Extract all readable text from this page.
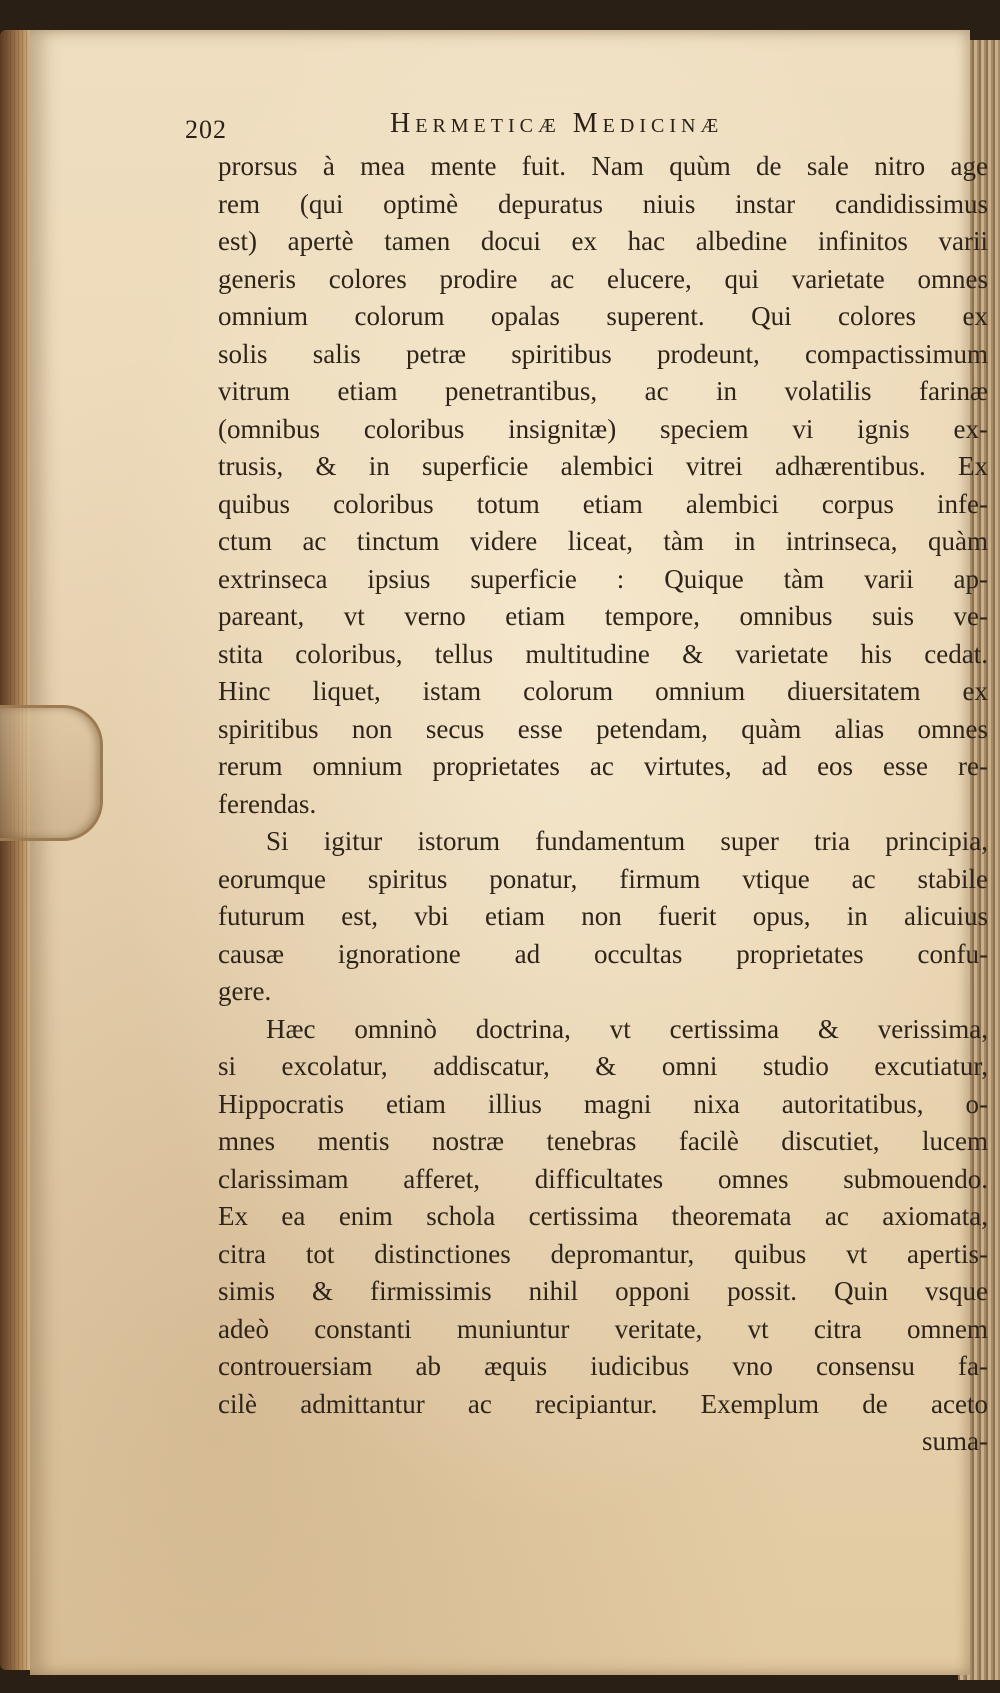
202	Hermeticæ Medicinæ
prorsus à mea mente fuit. Nam quùm de sale nitro age
rem (qui optimè depuratus niuis instar candidissimus
est) apertè tamen docui ex hac albedine infinitos varii
generis colores prodire ac elucere, qui varietate omnes
omnium colorum opalas superent. Qui colores ex
solis salis petræ spiritibus prodeunt, compactissimum
vitrum etiam penetrantibus, ac in volatilis farinæ
(omnibus coloribus insignitæ) speciem vi ignis ex-
trusis, & in superficie alembici vitrei adhærentibus. Ex
quibus coloribus totum etiam alembici corpus infe-
ctum ac tinctum videre liceat, tàm in intrinseca, quàm
extrinseca ipsius superficie : Quique tàm varii ap-
pareant, vt verno etiam tempore, omnibus suis ve-
stita coloribus, tellus multitudine & varietate his cedat.
Hinc liquet, istam colorum omnium diuersitatem ex
spiritibus non secus esse petendam, quàm alias omnes
rerum omnium proprietates ac virtutes, ad eos esse re-
ferendas.
Si igitur istorum fundamentum super tria principia,
eorumque spiritus ponatur, firmum vtique ac stabile
futurum est, vbi etiam non fuerit opus, in alicuius
causæ ignoratione ad occultas proprietates confu-
gere.
Hæc omninò doctrina, vt certissima & verissima,
si excolatur, addiscatur, & omni studio excutiatur,
Hippocratis etiam illius magni nixa autoritatibus, o-
mnes mentis nostræ tenebras facilè discutiet, lucem
clarissimam afferet, difficultates omnes submouendo.
Ex ea enim schola certissima theoremata ac axiomata,
citra tot distinctiones depromantur, quibus vt apertis-
simis & firmissimis nihil opponi possit. Quin vsque
adeò constanti muniuntur veritate, vt citra omnem
controuersiam ab æquis iudicibus vno consensu fa-
cilè admittantur ac recipiantur. Exemplum de aceto
suma-
